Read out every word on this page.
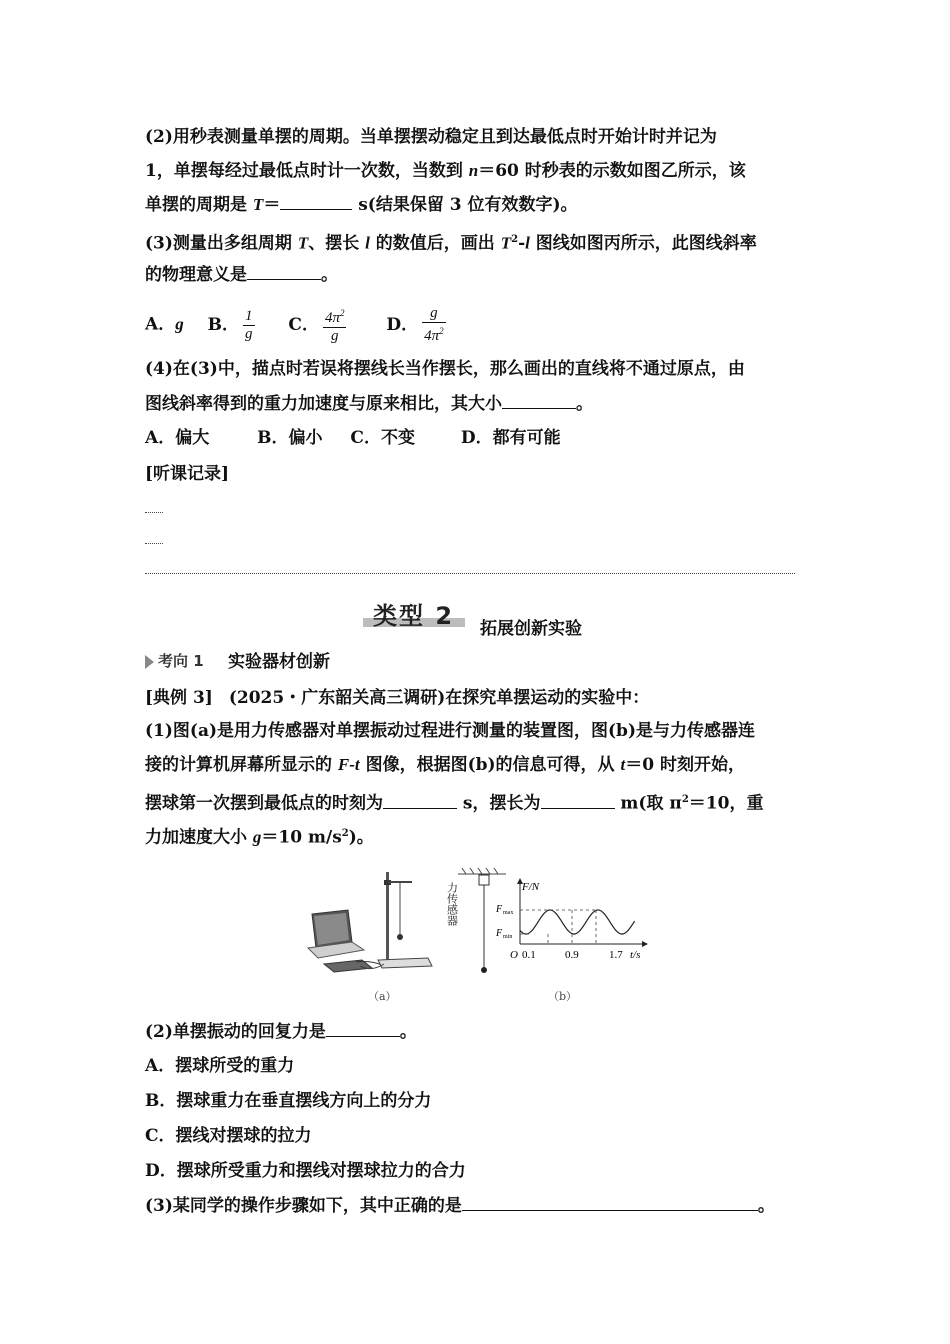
(2)用秒表测量单摆的周期。当单摆摆动稳定且到达最低点时开始计时并记为
1，单摆每经过最低点时计一次数，当数到 n＝60 时秒表的示数如图乙所示，该
单摆的周期是 T＝	s(结果保留 3 位有效数字)。
(3)测量出多组周期 T、摆长 l 的数值后，画出 $T^2-l$ 图线如图丙所示，此图线斜率
的物理意义是	。
A．g B． $\frac{1}{g}$ C． $\frac{4\pi^2}{g}$ D． $\frac{g}{4\pi^2}$
(4)在(3)中，描点时若误将摆线长当作摆长，那么画出的直线将不通过原点，由
图线斜率得到的重力加速度与原来相比，其大小	。
A．偏大	B．偏小 C．不变	D．都有可能
[听课记录]
类型 2 拓展创新实验
考向 1 实验器材创新
[典例 3] (2025・广东韶关高三调研)在探究单摆运动的实验中：
(1)图(a)是用力传感器对单摆振动过程进行测量的装置图，图(b)是与力传感器连
接的计算机屏幕所显示的 F-t 图像，根据图(b)的信息可得，从 t＝0 时刻开始，
摆球第一次摆到最低点的时刻为	s，摆长为	m(取 $\pi^2=10$，重
力加速度大小 g＝10 $m/s^2$)。
力传感器	F/N
F max
F min
O 0.1	0.9	1.7 t/s
（a）	（b）
(2)单摆振动的回复力是	。
A．摆球所受的重力
B．摆球重力在垂直摆线方向上的分力
C．摆线对摆球的拉力
D．摆球所受重力和摆线对摆球拉力的合力
(3)某同学的操作步骤如下，其中正确的是	。
